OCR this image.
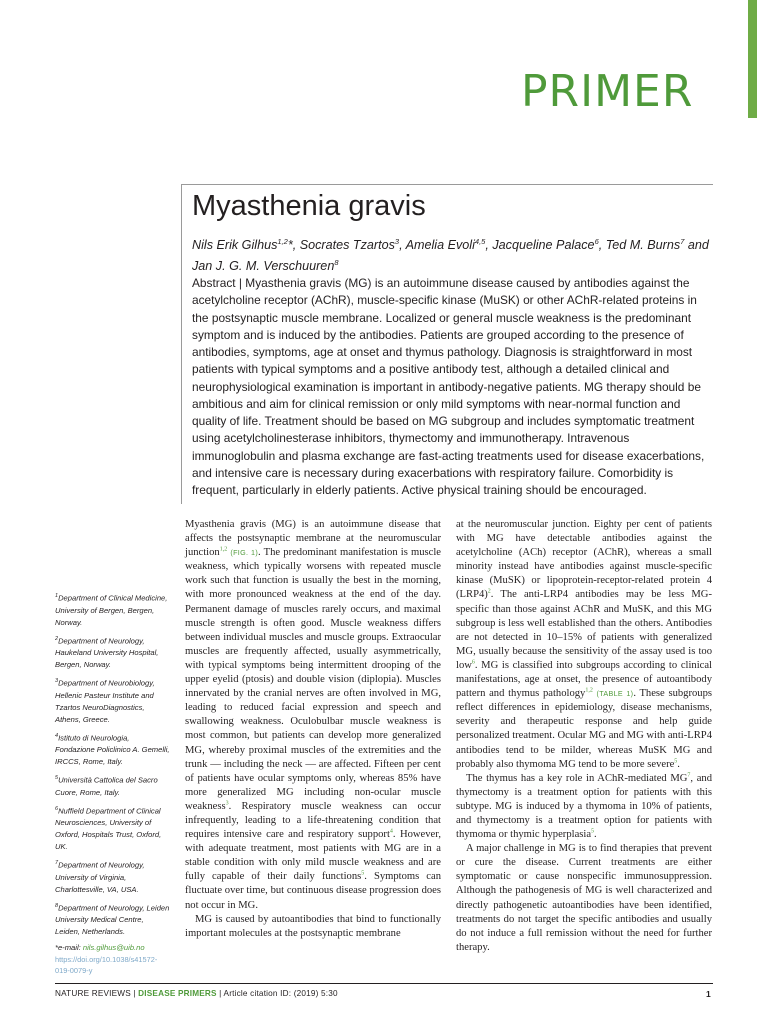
PRIMER
Myasthenia gravis
Nils Erik Gilhus$^{1,2}$*, Socrates Tzartos$^3$, Amelia Evoli$^{4,5}$, Jacqueline Palace$^6$, Ted M. Burns$^7$ and Jan J. G. M. Verschuuren$^8$

Abstract | Myasthenia gravis (MG) is an autoimmune disease caused by antibodies against the acetylcholine receptor (AChR), muscle-specific kinase (MuSK) or other AChR-related proteins in the postsynaptic muscle membrane. Localized or general muscle weakness is the predominant symptom and is induced by the antibodies. Patients are grouped according to the presence of antibodies, symptoms, age at onset and thymus pathology. Diagnosis is straightforward in most patients with typical symptoms and a positive antibody test, although a detailed clinical and neurophysiological examination is important in antibody-negative patients. MG therapy should be ambitious and aim for clinical remission or only mild symptoms with near-normal function and quality of life. Treatment should be based on MG subgroup and includes symptomatic treatment using acetylcholinesterase inhibitors, thymectomy and immunotherapy. Intravenous immunoglobulin and plasma exchange are fast-acting treatments used for disease exacerbations, and intensive care is necessary during exacerbations with respiratory failure. Comorbidity is frequent, particularly in elderly patients. Active physical training should be encouraged.

$^1$Department of Clinical Medicine, University of Bergen, Bergen, Norway.
$^2$Department of Neurology, Haukeland University Hospital, Bergen, Norway.
$^3$Department of Neurobiology, Hellenic Pasteur Institute and Tzartos NeuroDiagnostics, Athens, Greece.
$^4$Istituto di Neurologia, Fondazione Policlinico A. Gemelli, IRCCS, Rome, Italy.
$^5$Università Cattolica del Sacro Cuore, Rome, Italy.
$^6$Nuffield Department of Clinical Neurosciences, University of Oxford, Hospitals Trust, Oxford, UK.
$^7$Department of Neurology, University of Virginia, Charlottesville, VA, USA.
$^8$Department of Neurology, Leiden University Medical Centre, Leiden, Netherlands.
*e-mail: nils.gilhus@uib.no
https://doi.org/10.1038/s41572-019-0079-y

Myasthenia gravis (MG) is an autoimmune disease that affects the postsynaptic membrane at the neuromuscular junction$^{1,2}$ (FIG. 1). The predominant manifestation is muscle weakness, which typically worsens with repeated muscle work such that function is usually the best in the morning, with more pronounced weakness at the end of the day. Permanent damage of muscles rarely occurs, and maximal muscle strength is often good. Muscle weakness differs between individual muscles and muscle groups. Extraocular muscles are frequently affected, usually asymmetrically, with typical symptoms being intermittent drooping of the upper eyelid (ptosis) and double vision (diplopia). Muscles innervated by the cranial nerves are often involved in MG, leading to reduced facial expression and speech and swallowing weakness. Oculobulbar muscle weakness is most common, but patients can develop more generalized MG, whereby proximal muscles of the extremities and the trunk — including the neck — are affected. Fifteen per cent of patients have ocular symptoms only, whereas 85% have more generalized MG including non-ocular muscle weakness$^3$. Respiratory muscle weakness can occur infrequently, leading to a life-threatening condition that requires intensive care and respiratory support$^4$. However, with adequate treatment, most patients with MG are in a stable condition with only mild muscle weakness and are fully capable of their daily functions$^5$. Symptoms can fluctuate over time, but continuous disease progression does not occur in MG.

MG is caused by autoantibodies that bind to functionally important molecules at the postsynaptic membrane

at the neuromuscular junction. Eighty per cent of patients with MG have detectable antibodies against the acetylcholine (ACh) receptor (AChR), whereas a small minority instead have antibodies against muscle-specific kinase (MuSK) or lipoprotein-receptor-related protein 4 (LRP4)$^2$. The anti-LRP4 antibodies may be less MG-specific than those against AChR and MuSK, and this MG subgroup is less well established than the others. Antibodies are not detected in 10–15% of patients with generalized MG, usually because the sensitivity of the assay used is too low$^6$. MG is classified into subgroups according to clinical manifestations, age at onset, the presence of autoantibody pattern and thymus pathology$^{1,2}$ (TABLE 1). These subgroups reflect differences in epidemiology, disease mechanisms, severity and therapeutic response and help guide personalized treatment. Ocular MG and MG with anti-LRP4 antibodies tend to be milder, whereas MuSK MG and probably also thymoma MG tend to be more severe$^5$.

The thymus has a key role in AChR-mediated MG$^7$, and thymectomy is a treatment option for patients with this subtype. MG is induced by a thymoma in 10% of patients, and thymectomy is a treatment option for patients with thymoma or thymic hyperplasia$^5$.

A major challenge in MG is to find therapies that prevent or cure the disease. Current treatments are either symptomatic or cause nonspecific immunosuppression. Although the pathogenesis of MG is well characterized and directly pathogenetic autoantibodies have been identified, treatments do not target the specific antibodies and usually do not induce a full remission without the need for further therapy.

NATURE REVIEWS | DISEASE PRIMERS | Article citation ID: (2019) 5:30	1
